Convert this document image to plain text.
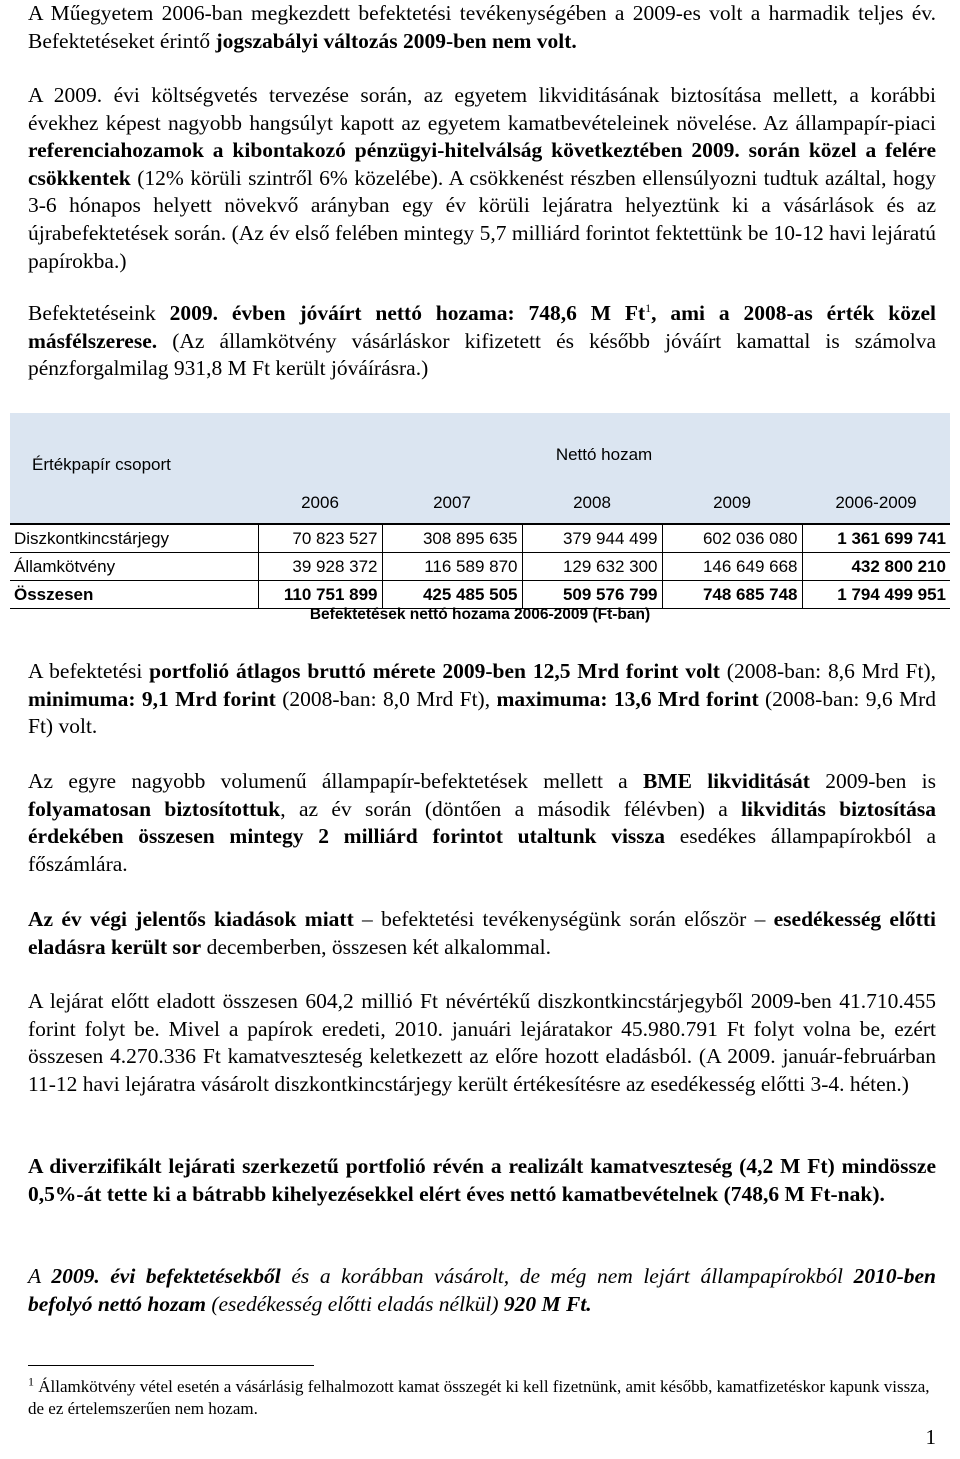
A Műegyetem 2006-ban megkezdett befektetési tevékenységében a 2009-es volt a harmadik teljes év. Befektetéseket érintő jogszabályi változás 2009-ben nem volt.

A 2009. évi költségvetés tervezése során, az egyetem likviditásának biztosítása mellett, a korábbi évekhez képest nagyobb hangsúlyt kapott az egyetem kamatbevételeinek növelése. Az állampapír-piaci referenciahozamok a kibontakozó pénzügyi-hitelválság következtében 2009. során közel a felére csökkentek (12% körüli szintről 6% közelébe). A csökkenést részben ellensúlyozni tudtuk azáltal, hogy 3-6 hónapos helyett növekvő arányban egy év körüli lejáratra helyeztünk ki a vásárlások és az újrabefektetések során. (Az év első felében mintegy 5,7 milliárd forintot fektettünk be 10-12 havi lejáratú papírokba.)

Befektetéseink 2009. évben jóváírt nettó hozama: 748,6 M Ft$^1$, ami a 2008-as érték közel másfélszerese. (Az államkötvény vásárláskor kifizetett és később jóváírt kamattal is számolva pénzforgalmilag 931,8 M Ft került jóváírásra.)

Értékpapír csoport	Nettó hozam				
	2006	2007	2008	2009	2006-2009
Diszkontkincstárjegy	70 823 527	308 895 635	379 944 499	602 036 080	1 361 699 741
Államkötvény	39 928 372	116 589 870	129 632 300	146 649 668	432 800 210
Összesen	110 751 899	425 485 505	509 576 799	748 685 748	1 794 499 951
Befektetések nettó hozama 2006-2009 (Ft-ban)

A befektetési portfolió átlagos bruttó mérete 2009-ben 12,5 Mrd forint volt (2008-ban: 8,6 Mrd Ft), minimuma: 9,1 Mrd forint (2008-ban: 8,0 Mrd Ft), maximuma: 13,6 Mrd forint (2008-ban: 9,6 Mrd Ft) volt.

Az egyre nagyobb volumenű állampapír-befektetések mellett a BME likviditását 2009-ben is folyamatosan biztosítottuk, az év során (döntően a második félévben) a likviditás biztosítása érdekében összesen mintegy 2 milliárd forintot utaltunk vissza esedékes állampapírokból a főszámlára.

Az év végi jelentős kiadások miatt – befektetési tevékenységünk során először – esedékesség előtti eladásra került sor decemberben, összesen két alkalommal.

A lejárat előtt eladott összesen 604,2 millió Ft névértékű diszkontkincstárjegyből 2009-ben 41.710.455 forint folyt be. Mivel a papírok eredeti, 2010. januári lejáratakor 45.980.791 Ft folyt volna be, ezért összesen 4.270.336 Ft kamatveszteség keletkezett az előre hozott eladásból. (A 2009. január-februárban 11-12 havi lejáratra vásárolt diszkontkincstárjegy került értékesítésre az esedékesség előtti 3-4. héten.)

A diverzifikált lejárati szerkezetű portfolió révén a realizált kamatveszteség (4,2 M Ft) mindössze 0,5%-át tette ki a bátrabb kihelyezésekkel elért éves nettó kamatbevételnek (748,6 M Ft-nak).

A 2009. évi befektetésekből és a korábban vásárolt, de még nem lejárt állampapírokból 2010-ben befolyó nettó hozam (esedékesség előtti eladás nélkül) 920 M Ft.

$^1$ Államkötvény vétel esetén a vásárlásig felhalmozott kamat összegét ki kell fizetnünk, amit később, kamatfizetéskor kapunk vissza, de ez értelemszerűen nem hozam.
1
